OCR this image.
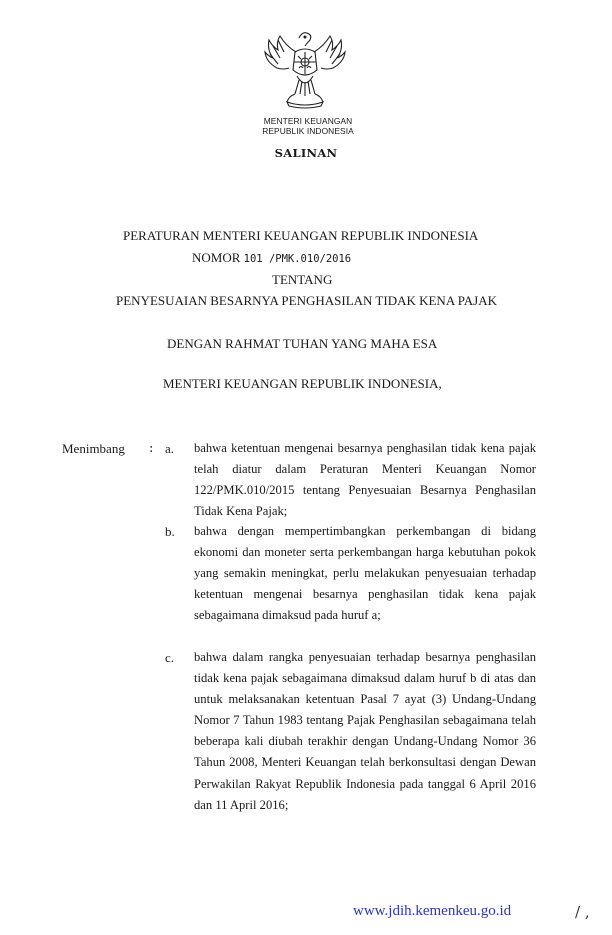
MENTERI KEUANGAN
REPUBLIK INDONESIA
SALINAN
PERATURAN MENTERI KEUANGAN REPUBLIK INDONESIA
NOMOR 101 /PMK.010/2016
TENTANG
PENYESUAIAN BESARNYA PENGHASILAN TIDAK KENA PAJAK
DENGAN RAHMAT TUHAN YANG MAHA ESA
MENTERI KEUANGAN REPUBLIK INDONESIA,
Menimbang : a. bahwa ketentuan mengenai besarnya penghasilan tidak kena pajak telah diatur dalam Peraturan Menteri Keuangan Nomor 122/PMK.010/2015 tentang Penyesuaian Besarnya Penghasilan Tidak Kena Pajak;
b. bahwa dengan mempertimbangkan perkembangan di bidang ekonomi dan moneter serta perkembangan harga kebutuhan pokok yang semakin meningkat, perlu melakukan penyesuaian terhadap ketentuan mengenai besarnya penghasilan tidak kena pajak sebagaimana dimaksud pada huruf a;
c. bahwa dalam rangka penyesuaian terhadap besarnya penghasilan tidak kena pajak sebagaimana dimaksud dalam huruf b di atas dan untuk melaksanakan ketentuan Pasal 7 ayat (3) Undang-Undang Nomor 7 Tahun 1983 tentang Pajak Penghasilan sebagaimana telah beberapa kali diubah terakhir dengan Undang-Undang Nomor 36 Tahun 2008, Menteri Keuangan telah berkonsultasi dengan Dewan Perwakilan Rakyat Republik Indonesia pada tanggal 6 April 2016 dan 11 April 2016;
www.jdih.kemenkeu.go.id	/ ,
